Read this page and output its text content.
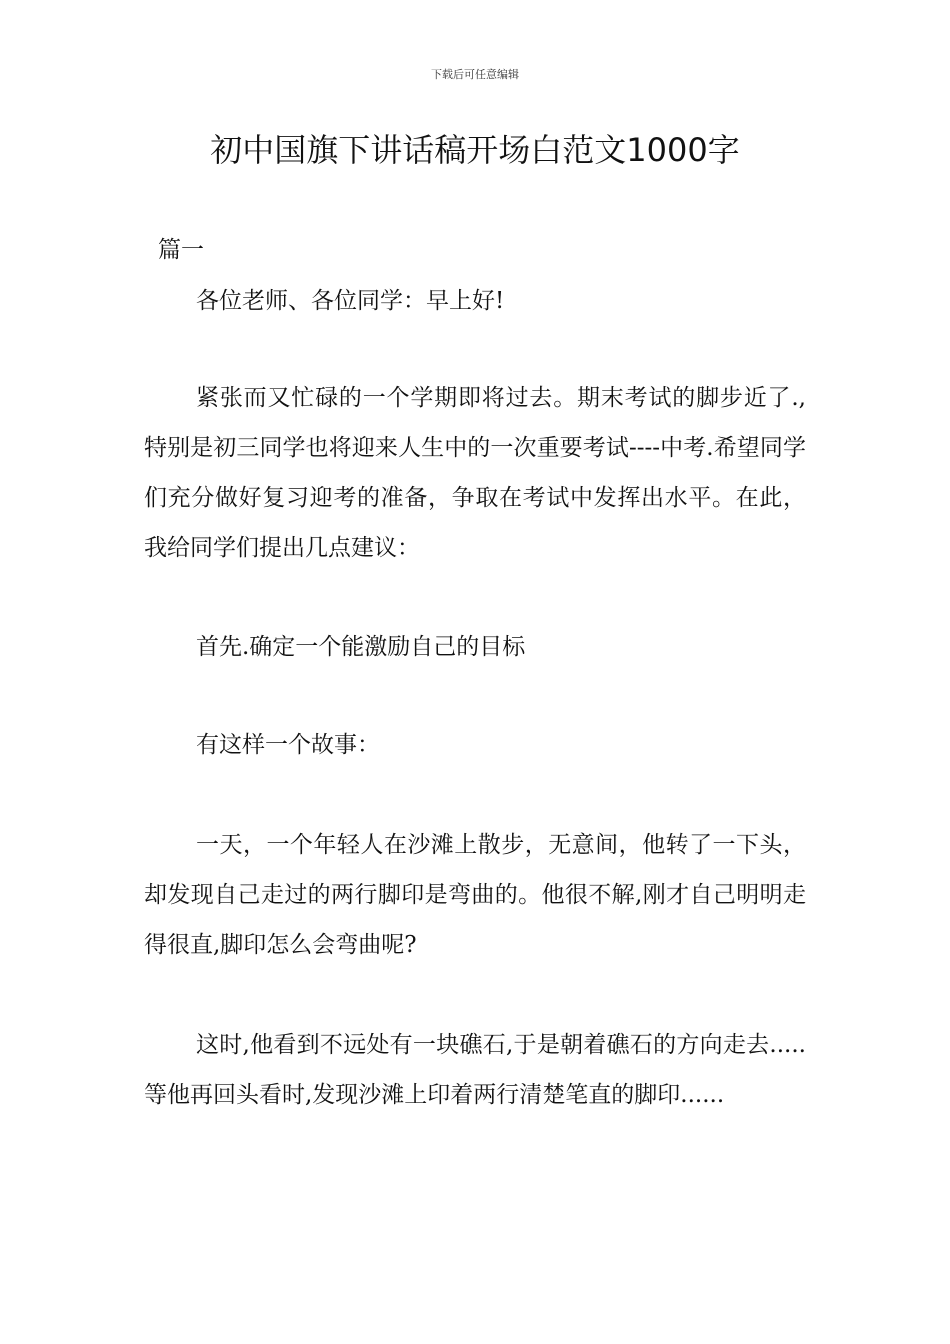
下载后可任意编辑
初中国旗下讲话稿开场白范文1000字
篇一

各位老师、各位同学：早上好!

紧张而又忙碌的一个学期即将过去。期末考试的脚步近了.,特别是初三同学也将迎来人生中的一次重要考试----中考.希望同学们充分做好复习迎考的准备，争取在考试中发挥出水平。在此，我给同学们提出几点建议：

首先.确定一个能激励自己的目标

有这样一个故事：

一天，一个年轻人在沙滩上散步，无意间，他转了一下头，却发现自己走过的两行脚印是弯曲的。他很不解,刚才自己明明走得很直,脚印怎么会弯曲呢?

这时,他看到不远处有一块礁石,于是朝着礁石的方向走去.....等他再回头看时,发现沙滩上印着两行清楚笔直的脚印......
